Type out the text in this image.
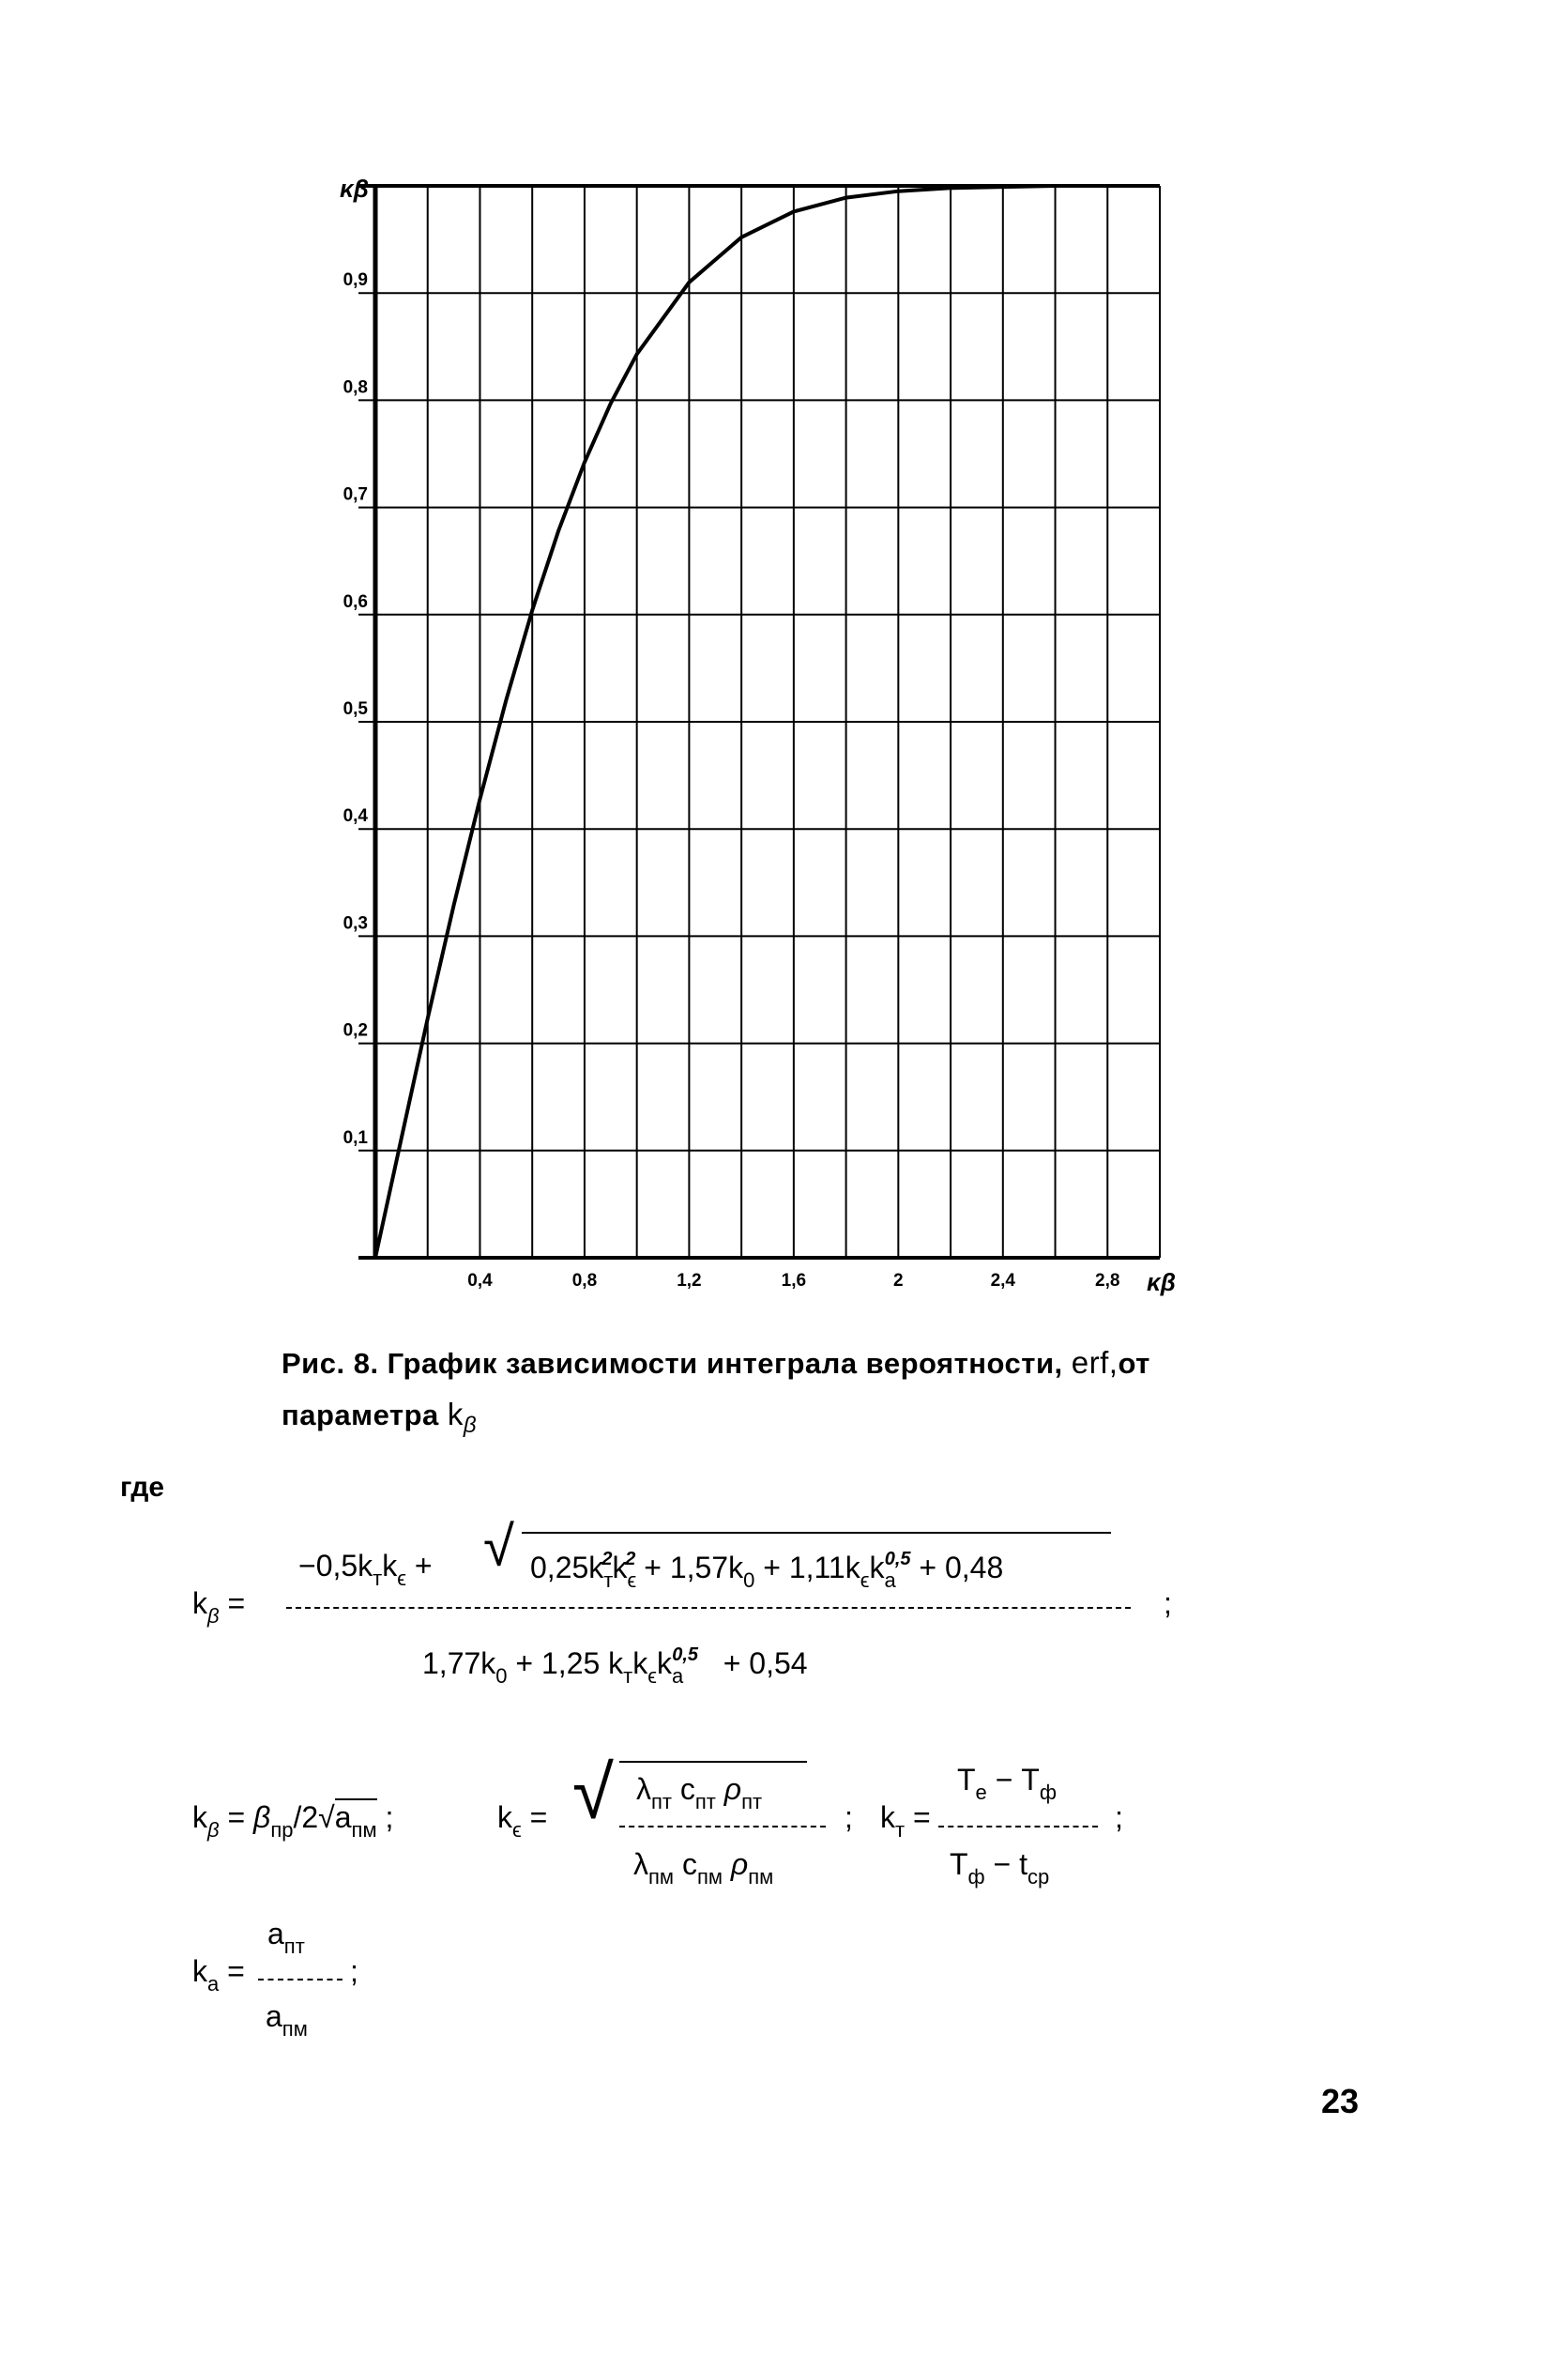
0,4	0,8	1,2	1,6	2	2,4	2,8
0,1
0,2
0,3
0,4
0,5
0,6
0,7
0,8
0,9
κβ
κβ
Рис. 8. График зависимости интеграла вероятности, erf,от
параметра $k_\beta$
где
$k_\beta$ =
$-0,5k_тk_\epsilon$ + √ $0,25k_т^2k_\epsilon^2 + 1,57k_0 + 1,11k_\epsilon k_а^{0,5} + 0,48$
;
$1,77k_0 + 1,25$ $k_тk_\epsilon k_а^{0,5} + 0,54$
$k_\beta = \beta_{пр}/2√a_{пм}$ ;	$k_\epsilon$ = √ $\lambda_{пт}$ $c_{пт}$ $\rho_{пт}$
$\lambda_{пм}$ $c_{пм}$ $\rho_{пм}$
; $k_т$ =
$T_е - T_ф$
$T_ф - t_{ср}$
;
$k_а$ =
$a_{пт}$
$a_{пм}$
;
23
